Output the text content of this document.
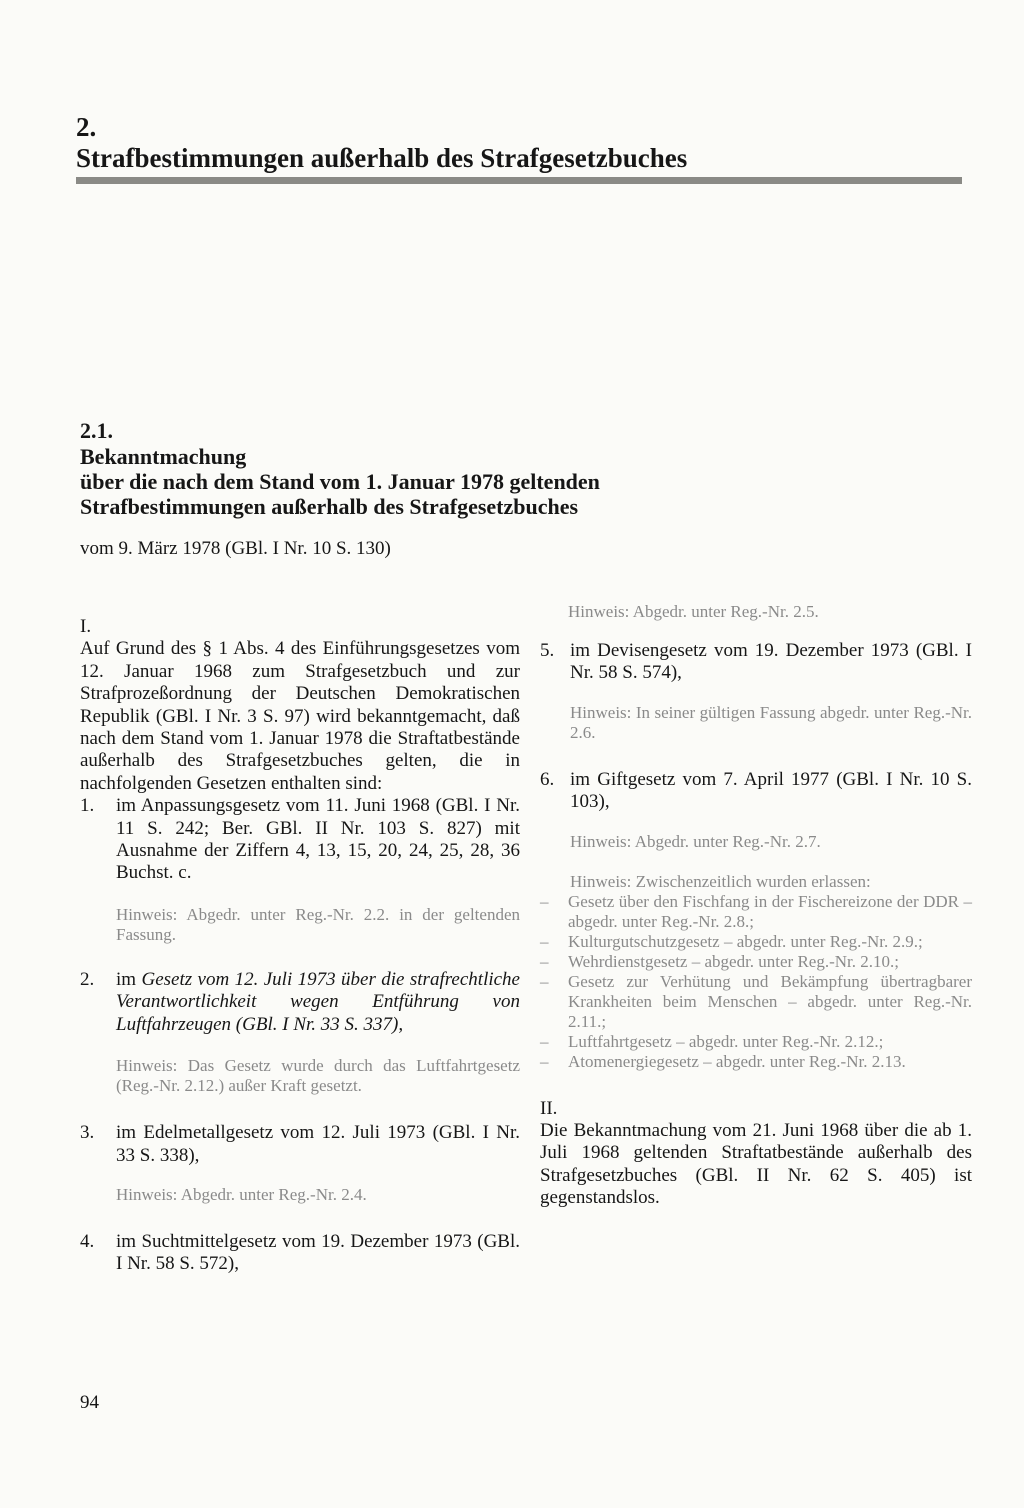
2.
Strafbestimmungen außerhalb des Strafgesetzbuches
2.1.
Bekanntmachung
über die nach dem Stand vom 1. Januar 1978 geltenden
Strafbestimmungen außerhalb des Strafgesetzbuches
vom 9. März 1978 (GBl. I Nr. 10 S. 130)

I.

Auf Grund des § 1 Abs. 4 des Einführungsgesetzes vom 12. Januar 1968 zum Strafgesetzbuch und zur Strafprozeßordnung der Deutschen Demokratischen Republik (GBl. I Nr. 3 S. 97) wird bekanntgemacht, daß nach dem Stand vom 1. Januar 1978 die Straftatbestände außerhalb des Strafgesetzbuches gelten, die in nachfolgenden Gesetzen enthalten sind:

1.	im Anpassungsgesetz vom 11. Juni 1968 (GBl. I Nr. 11 S. 242; Ber. GBl. II Nr. 103 S. 827) mit Ausnahme der Ziffern 4, 13, 15, 20, 24, 25, 28, 36 Buchst. c.
Hinweis: Abgedr. unter Reg.-Nr. 2.2. in der geltenden Fassung.
2.	im Gesetz vom 12. Juli 1973 über die strafrechtliche Verantwortlichkeit wegen Entführung von Luftfahrzeugen (GBl. I Nr. 33 S. 337),
Hinweis: Das Gesetz wurde durch das Luftfahrtgesetz (Reg.-Nr. 2.12.) außer Kraft gesetzt.
3.	im Edelmetallgesetz vom 12. Juli 1973 (GBl. I Nr. 33 S. 338),
Hinweis: Abgedr. unter Reg.-Nr. 2.4.
4.	im Suchtmittelgesetz vom 19. Dezember 1973 (GBl. I Nr. 58 S. 572),
Hinweis: Abgedr. unter Reg.-Nr. 2.5.
5. im Devisengesetz vom 19. Dezember 1973 (GBl. I Nr. 58 S. 574),
Hinweis: In seiner gültigen Fassung abgedr. unter Reg.-Nr. 2.6.
6. im Giftgesetz vom 7. April 1977 (GBl. I Nr. 10 S. 103),
Hinweis: Abgedr. unter Reg.-Nr. 2.7.
Hinweis: Zwischenzeitlich wurden erlassen:
–	Gesetz über den Fischfang in der Fischereizone der DDR – abgedr. unter Reg.-Nr. 2.8.;
–	Kulturgutschutzgesetz – abgedr. unter Reg.-Nr. 2.9.;
–	Wehrdienstgesetz – abgedr. unter Reg.-Nr. 2.10.;
–	Gesetz zur Verhütung und Bekämpfung übertragbarer Krankheiten beim Menschen – abgedr. unter Reg.-Nr. 2.11.;
–	Luftfahrtgesetz – abgedr. unter Reg.-Nr. 2.12.;
–	Atomenergiegesetz – abgedr. unter Reg.-Nr. 2.13.

II.

Die Bekanntmachung vom 21. Juni 1968 über die ab 1. Juli 1968 geltenden Straftatbestände außerhalb des Strafgesetzbuches (GBl. II Nr. 62 S. 405) ist gegenstandslos.

94
